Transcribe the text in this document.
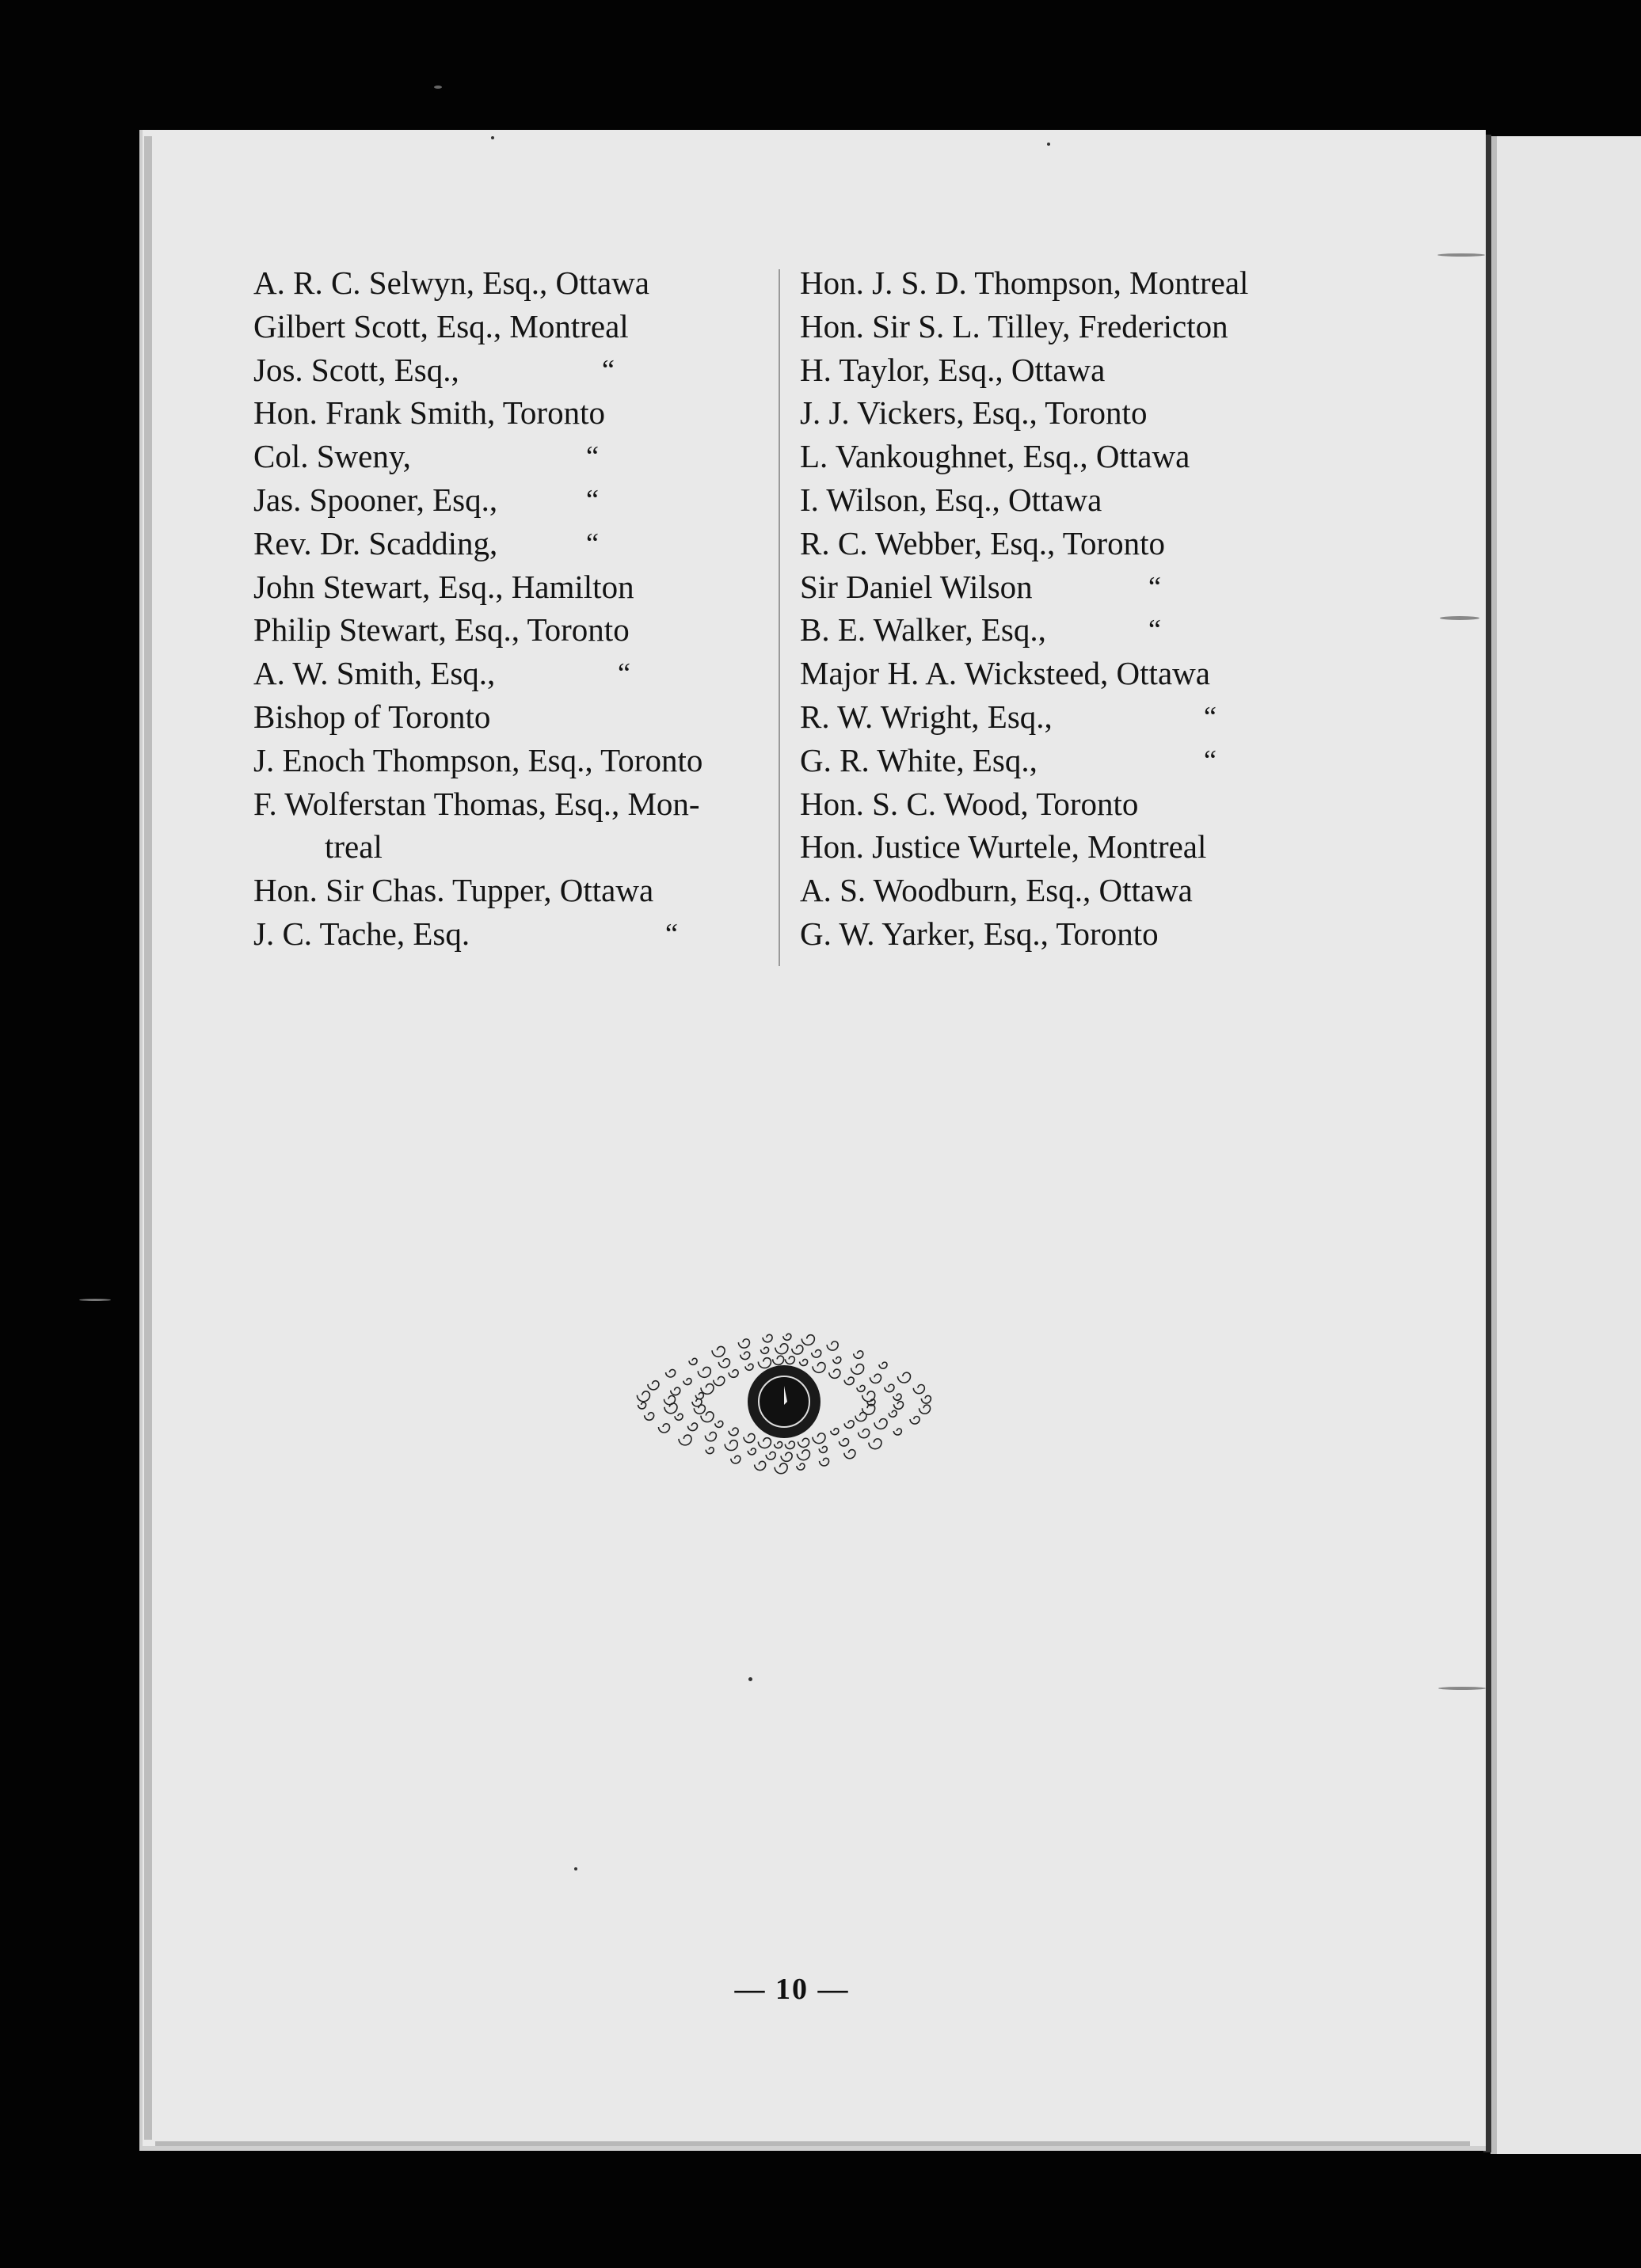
A. R. C. Selwyn, Esq., Ottawa
Gilbert Scott, Esq., Montreal
Jos. Scott, Esq.,	“
Hon. Frank Smith, Toronto
Col. Sweny,	“
Jas. Spooner, Esq.,	“
Rev. Dr. Scadding,	“
John Stewart, Esq., Hamilton
Philip Stewart, Esq., Toronto
A. W. Smith, Esq.,	“
Bishop of Toronto
J. Enoch Thompson, Esq., Toronto
F. Wolferstan Thomas, Esq., Mon-
treal
Hon. Sir Chas. Tupper, Ottawa
J. C. Tache, Esq.	“
Hon. J. S. D. Thompson, Montreal
Hon. Sir S. L. Tilley, Fredericton
H. Taylor, Esq., Ottawa
J. J. Vickers, Esq., Toronto
L. Vankoughnet, Esq., Ottawa
I. Wilson, Esq., Ottawa
R. C. Webber, Esq., Toronto
Sir Daniel Wilson	“
B. E. Walker, Esq.,	“
Major H. A. Wicksteed, Ottawa
R. W. Wright, Esq.,	“
G. R. White, Esq.,	“
Hon. S. C. Wood, Toronto
Hon. Justice Wurtele, Montreal
A. S. Woodburn, Esq., Ottawa
G. W. Yarker, Esq., Toronto
— 10 —
